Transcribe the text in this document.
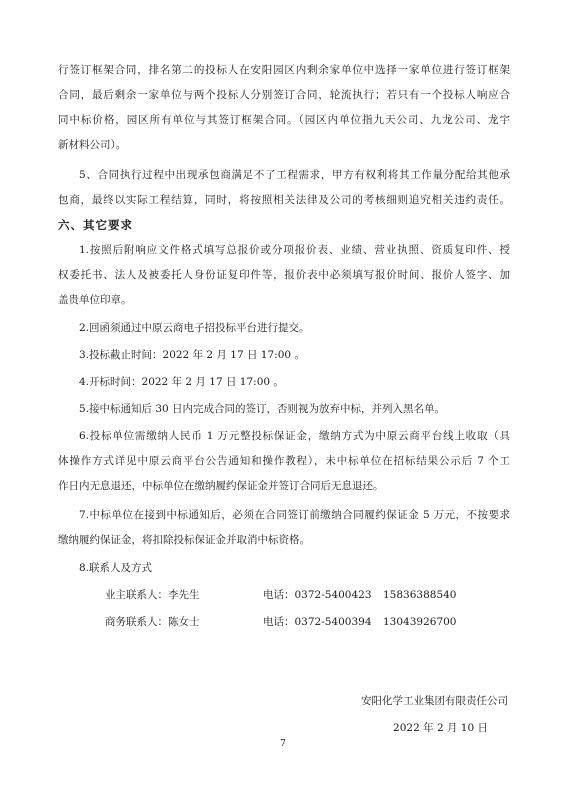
行签订框架合同，排名第二的投标人在安阳园区内剩余家单位中选择一家单位进行签订框架
合同，最后剩余一家单位与两个投标人分别签订合同，轮流执行；若只有一个投标人响应合
同中标价格，园区所有单位与其签订框架合同。（园区内单位指九天公司、九龙公司、龙宇
新材料公司）。
5、合同执行过程中出现承包商满足不了工程需求，甲方有权利将其工作量分配给其他承
包商，最终以实际工程结算，同时，将按照相关法律及公司的考核细则追究相关违约责任。
六、其它要求
1.按照后附响应文件格式填写总报价或分项报价表、业绩、营业执照、资质复印件、授
权委托书、法人及被委托人身份证复印件等，报价表中必须填写报价时间、报价人签字、加
盖贵单位印章。
2.回函须通过中原云商电子招投标平台进行提交。
3.投标截止时间：2022 年 2 月 17 日 17:00 。
4.开标时间：2022 年 2 月 17 日 17:00 。
5.接中标通知后 30 日内完成合同的签订，否则视为放弃中标，并列入黑名单。
6.投标单位需缴纳人民币 1 万元整投标保证金，缴纳方式为中原云商平台线上收取（具
体操作方式详见中原云商平台公告通知和操作教程），未中标单位在招标结果公示后 7 个工
作日内无息退还，中标单位在缴纳履约保证金并签订合同后无息退还。
7.中标单位在接到中标通知后，必须在合同签订前缴纳合同履约保证金 5 万元，不按要求
缴纳履约保证金，将扣除投标保证金并取消中标资格。
8.联系人及方式
业主联系人：李先生	电话：0372-5400423 15836388540
商务联系人：陈女士	电话：0372-5400394 13043926700
安阳化学工业集团有限责任公司
2022 年 2 月 10 日
7
